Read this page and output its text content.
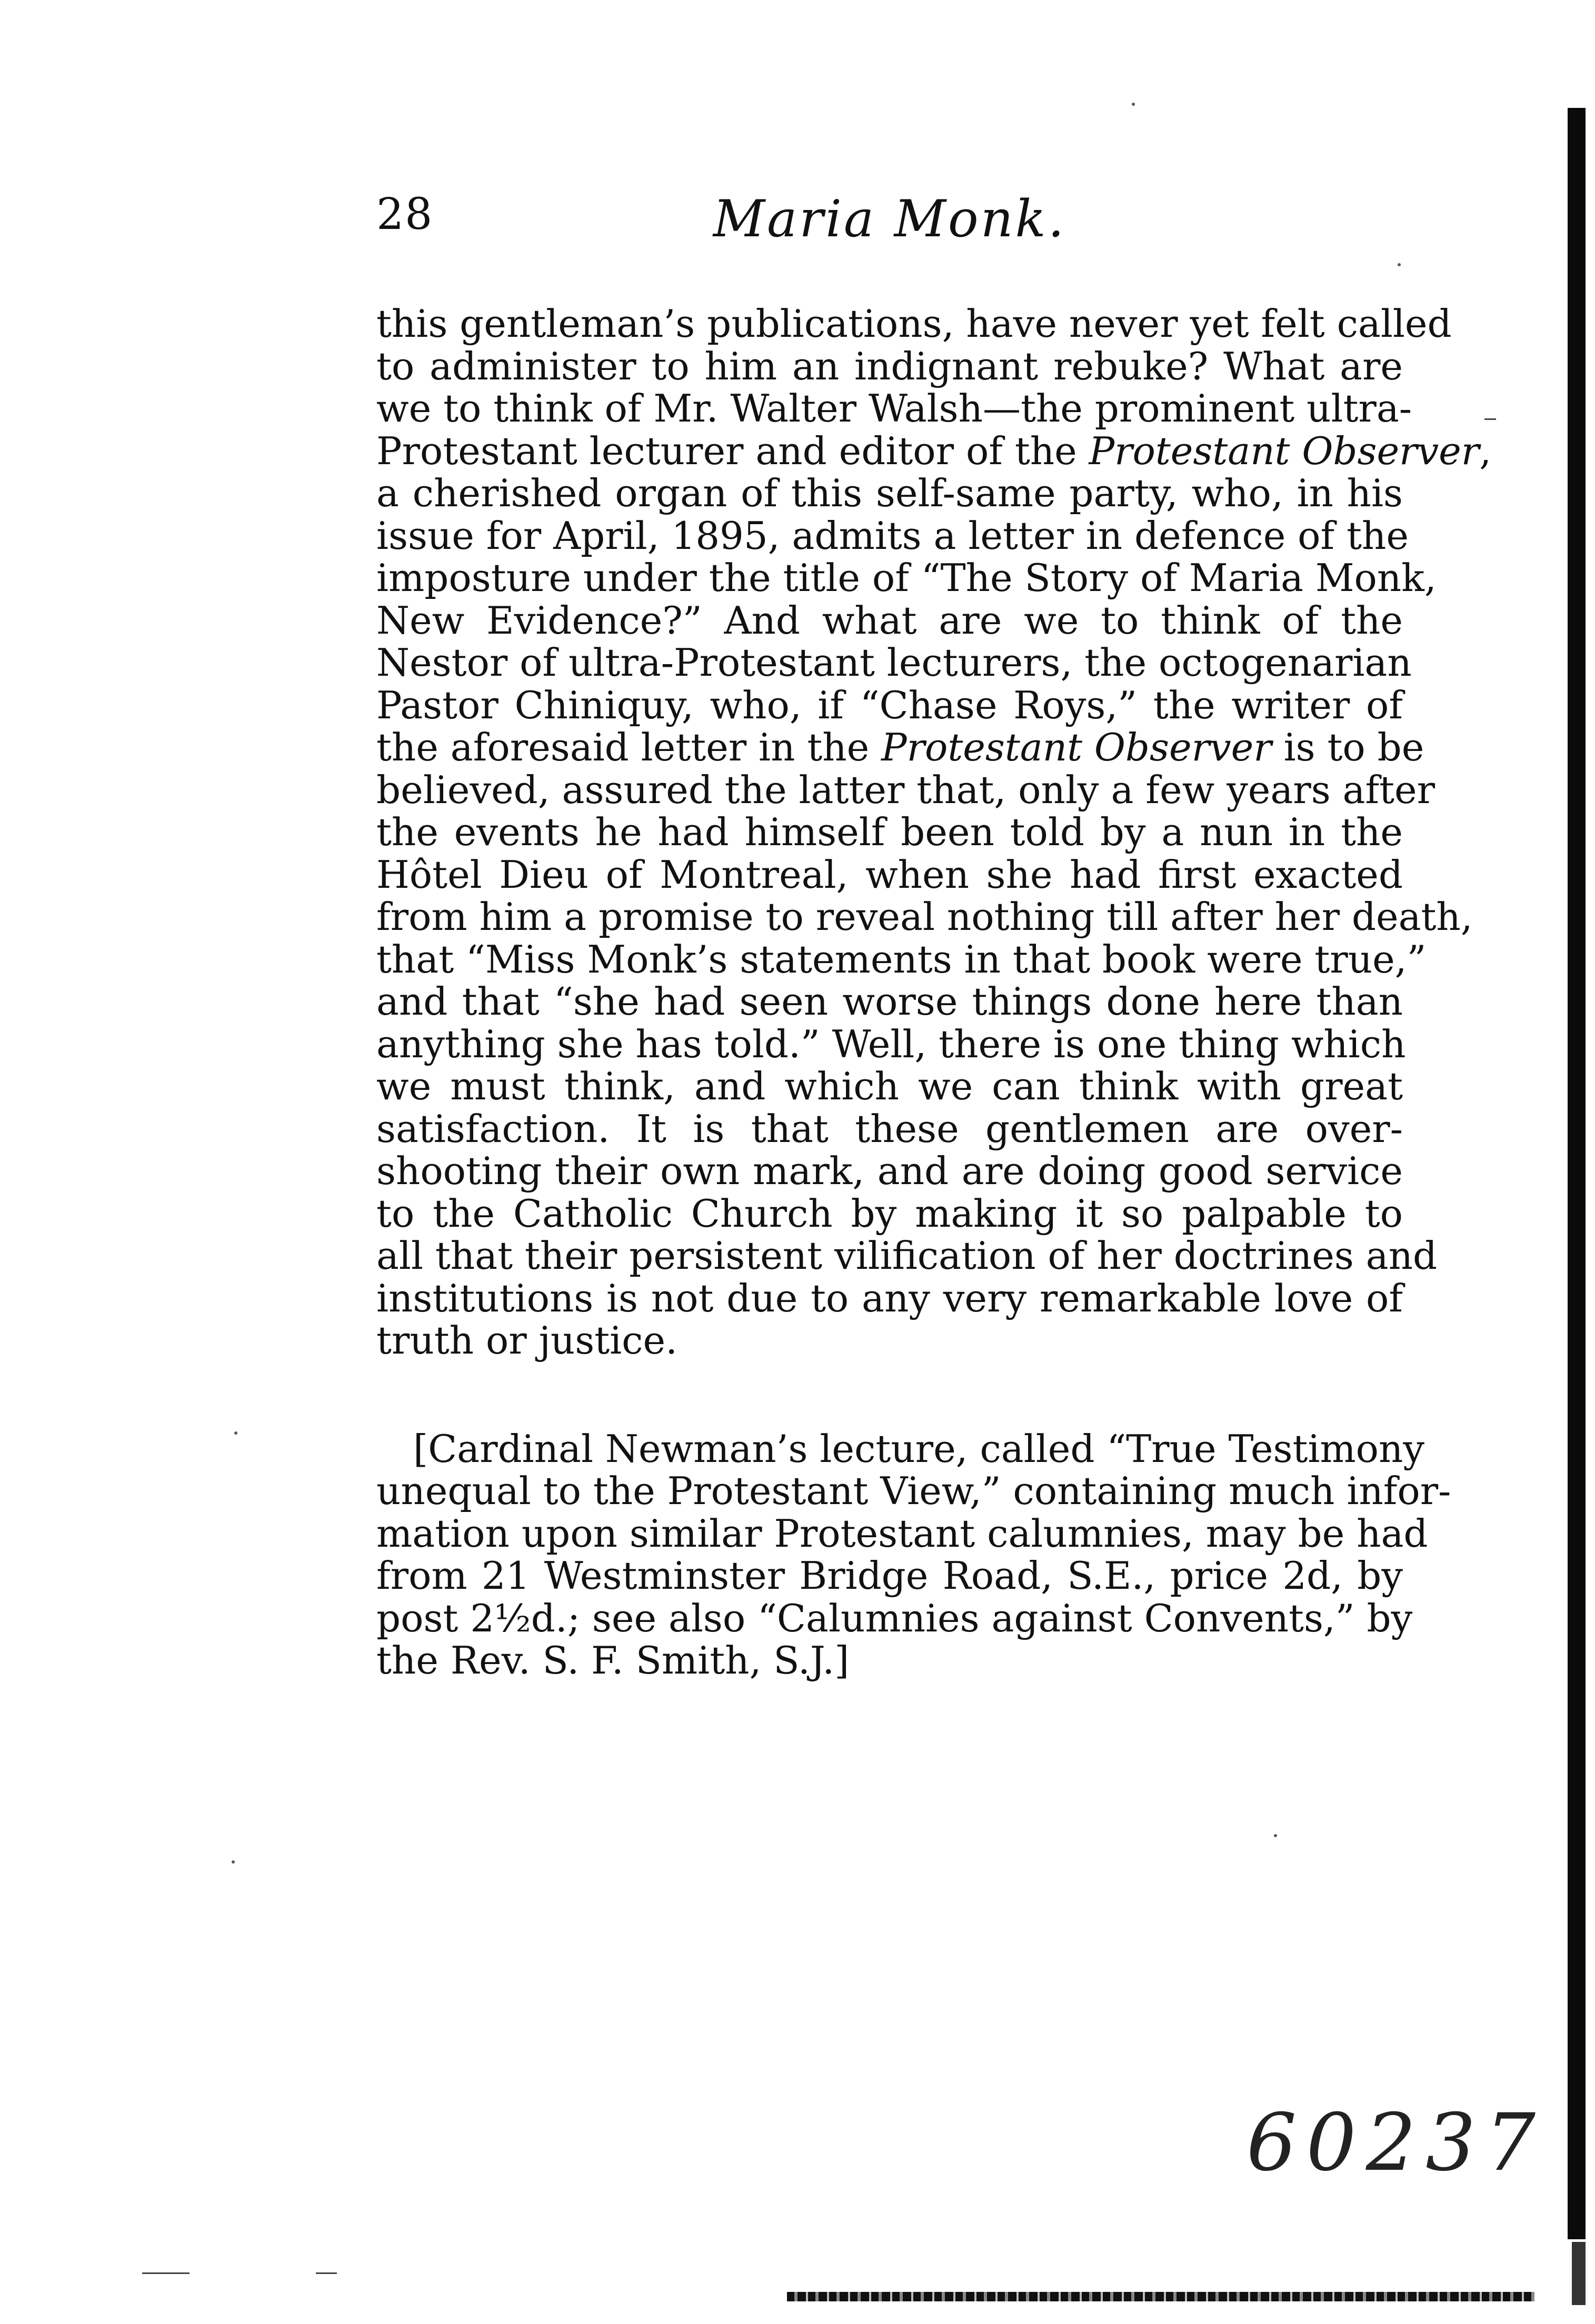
28	Maria Monk.
this gentleman’s publications, have never yet felt called
to administer to him an indignant rebuke? What are
we to think of Mr. Walter Walsh—the prominent ultra-
Protestant lecturer and editor of the Protestant Observer,
a cherished organ of this self-same party, who, in his
issue for April, 1895, admits a letter in defence of the
imposture under the title of “The Story of Maria Monk,
New Evidence?” And what are we to think of the
Nestor of ultra-Protestant lecturers, the octogenarian
Pastor Chiniquy, who, if “Chase Roys,” the writer of
the aforesaid letter in the Protestant Observer is to be
believed, assured the latter that, only a few years after
the events he had himself been told by a nun in the
Hôtel Dieu of Montreal, when she had first exacted
from him a promise to reveal nothing till after her death,
that “Miss Monk’s statements in that book were true,”
and that “she had seen worse things done here than
anything she has told.” Well, there is one thing which
we must think, and which we can think with great
satisfaction. It is that these gentlemen are over-
shooting their own mark, and are doing good service
to the Catholic Church by making it so palpable to
all that their persistent vilification of her doctrines and
institutions is not due to any very remarkable love of
truth or justice.
[Cardinal Newman’s lecture, called “True Testimony
unequal to the Protestant View,” containing much infor-
mation upon similar Protestant calumnies, may be had
from 21 Westminster Bridge Road, S.E., price 2d, by
post 2½d.; see also “Calumnies against Convents,” by
the Rev. S. F. Smith, S.J.]
60237
